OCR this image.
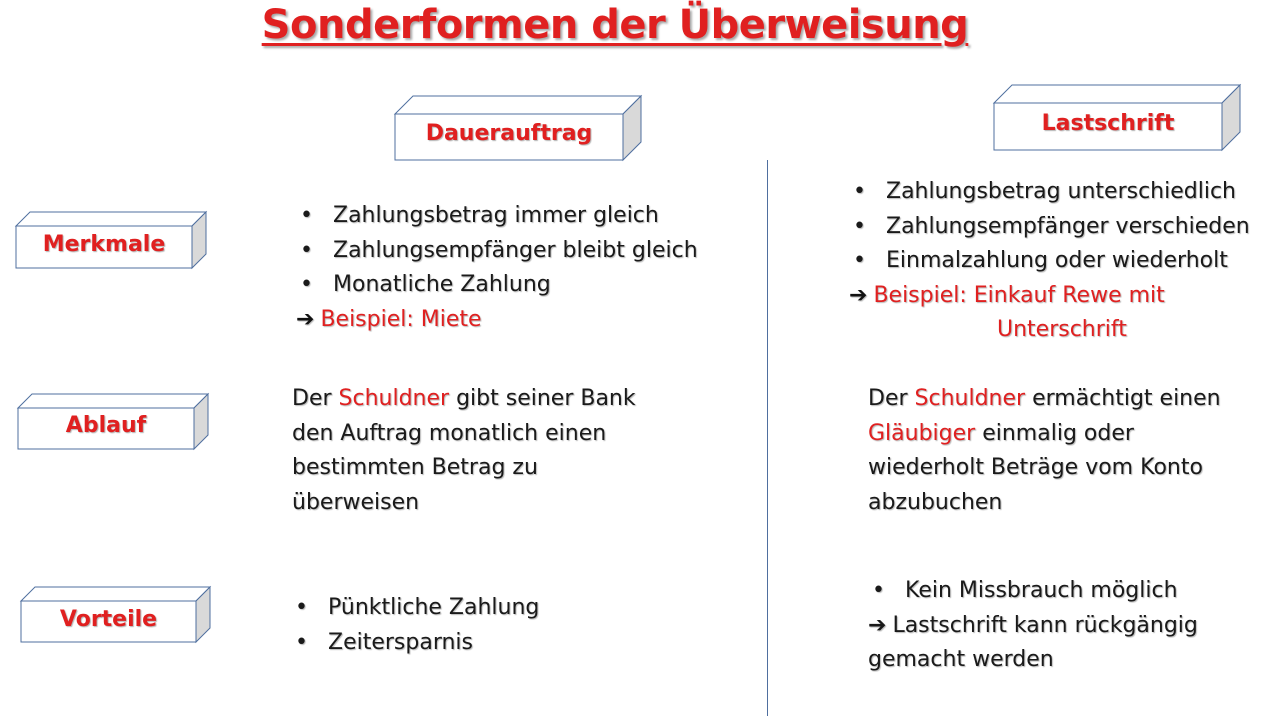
Sonderformen der Überweisung
Dauerauftrag	Lastschrift
Merkmale
Ablauf
Vorteile
• Zahlungsbetrag immer gleich
• Zahlungsempfänger bleibt gleich
• Monatliche Zahlung
➔ Beispiel: Miete
• Zahlungsbetrag unterschiedlich
• Zahlungsempfänger verschieden
• Einmalzahlung oder wiederholt
➔ Beispiel: Einkauf Rewe mit
Unterschrift
Der Schuldner gibt seiner Bank den Auftrag monatlich einen bestimmten Betrag zu überweisen
Der Schuldner ermächtigt einen Gläubiger einmalig oder wiederholt Beträge vom Konto abzubuchen
• Pünktliche Zahlung
• Zeitersparnis
• Kein Missbrauch möglich
➔ Lastschrift kann rückgängig gemacht werden
